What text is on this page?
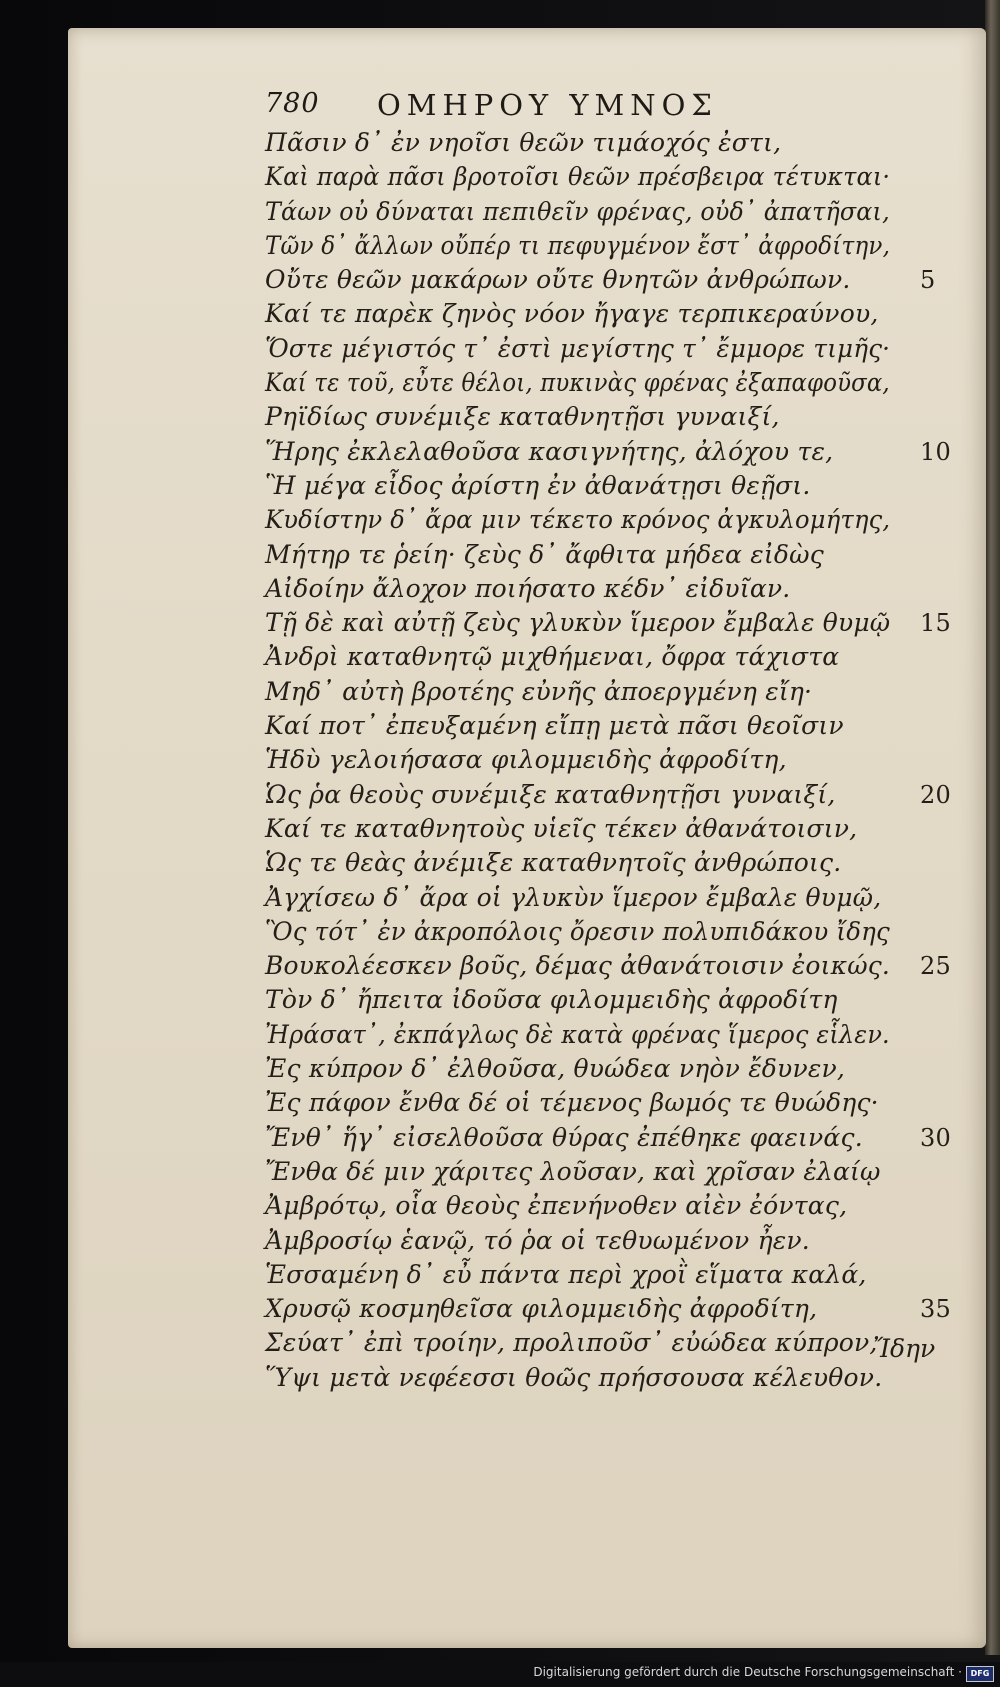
780 ΟΜΗΡΟΥ ΥΜΝΟΣ
Πᾶσιν δ᾿ ἐν νηοῖσι θεῶν τιμάοχός ἐστι,
Καὶ παρὰ πᾶσι βροτοῖσι θεῶν πρέσβειρα τέτυκται·
Τάων οὐ δύναται πεπιθεῖν φρένας, οὐδ᾿ ἀπατῆσαι,
Τῶν δ᾿ ἄλλων οὔπέρ τι πεφυγμένον ἔστ᾿ ἀφροδίτην,
Οὔτε θεῶν μακάρων οὔτε θνητῶν ἀνθρώπων.	5
Καί τε παρὲκ ζηνὸς νόον ἤγαγε τερπικεραύνου,
Ὅστε μέγιστός τ᾿ ἐστὶ μεγίστης τ᾿ ἔμμορε τιμῆς·
Καί τε τοῦ, εὖτε θέλοι, πυκινὰς φρένας ἐξαπαφοῦσα,
Ρηϊδίως συνέμιξε καταθνητῇσι γυναιξί,
Ἥρης ἐκλελαθοῦσα κασιγνήτης, ἀλόχου τε,	10
Ἣ μέγα εἶδος ἀρίστη ἐν ἀθανάτῃσι θεῇσι.
Κυδίστην δ᾿ ἄρα μιν τέκετο κρόνος ἀγκυλομήτης,
Μήτηρ τε ῥείη· ζεὺς δ᾿ ἄφθιτα μήδεα εἰδὼς
Αἰδοίην ἄλοχον ποιήσατο κέδν᾿ εἰδυῖαν.
Τῇ δὲ καὶ αὐτῇ ζεὺς γλυκὺν ἵμερον ἔμβαλε θυμῷ 15
Ἀνδρὶ καταθνητῷ μιχθήμεναι, ὄφρα τάχιστα
Μηδ᾿ αὐτὴ βροτέης εὐνῆς ἀποεργμένη εἴη·
Καί ποτ᾿ ἐπευξαμένη εἴπῃ μετὰ πᾶσι θεοῖσιν
Ἡδὺ γελοιήσασα φιλομμειδὴς ἀφροδίτη,
Ὡς ῥα θεοὺς συνέμιξε καταθνητῇσι γυναιξί,	20
Καί τε καταθνητοὺς υἱεῖς τέκεν ἀθανάτοισιν,
Ὡς τε θεὰς ἀνέμιξε καταθνητοῖς ἀνθρώποις.
Ἀγχίσεω δ᾿ ἄρα οἱ γλυκὺν ἵμερον ἔμβαλε θυμῷ,
Ὃς τότ᾿ ἐν ἀκροπόλοις ὄρεσιν πολυπιδάκου ἴδης
Βουκολέεσκεν βοῦς, δέμας ἀθανάτοισιν ἐοικώς. 25
Τὸν δ᾿ ἤπειτα ἰδοῦσα φιλομμειδὴς ἀφροδίτη
Ἠράσατ᾿, ἐκπάγλως δὲ κατὰ φρένας ἵμερος εἷλεν.
Ἐς κύπρον δ᾿ ἐλθοῦσα, θυώδεα νηὸν ἔδυνεν,
Ἐς πάφον ἔνθα δέ οἱ τέμενος βωμός τε θυώδης·
Ἔνθ᾿ ἥγ᾿ εἰσελθοῦσα θύρας ἐπέθηκε φαεινάς. 30
Ἔνθα δέ μιν χάριτες λοῦσαν, καὶ χρῖσαν ἐλαίῳ
Ἀμβρότῳ, οἷα θεοὺς ἐπενήνοθεν αἰὲν ἐόντας,
Ἀμβροσίῳ ἑανῷ, τό ῥα οἱ τεθυωμένον ἦεν.
Ἑσσαμένη δ᾿ εὖ πάντα περὶ χροῒ εἵματα καλά,
Χρυσῷ κοσμηθεῖσα φιλομμειδὴς ἀφροδίτη,	35
Σεύατ᾿ ἐπὶ τροίην, προλιποῦσ᾿ εὐώδεα κύπρον,
Ὕψι μετὰ νεφέεσσι θοῶς πρήσσουσα κέλευθον.
Ἴδην
Digitalisierung gefördert durch die Deutsche Forschungsgemeinschaft ·	DFG
